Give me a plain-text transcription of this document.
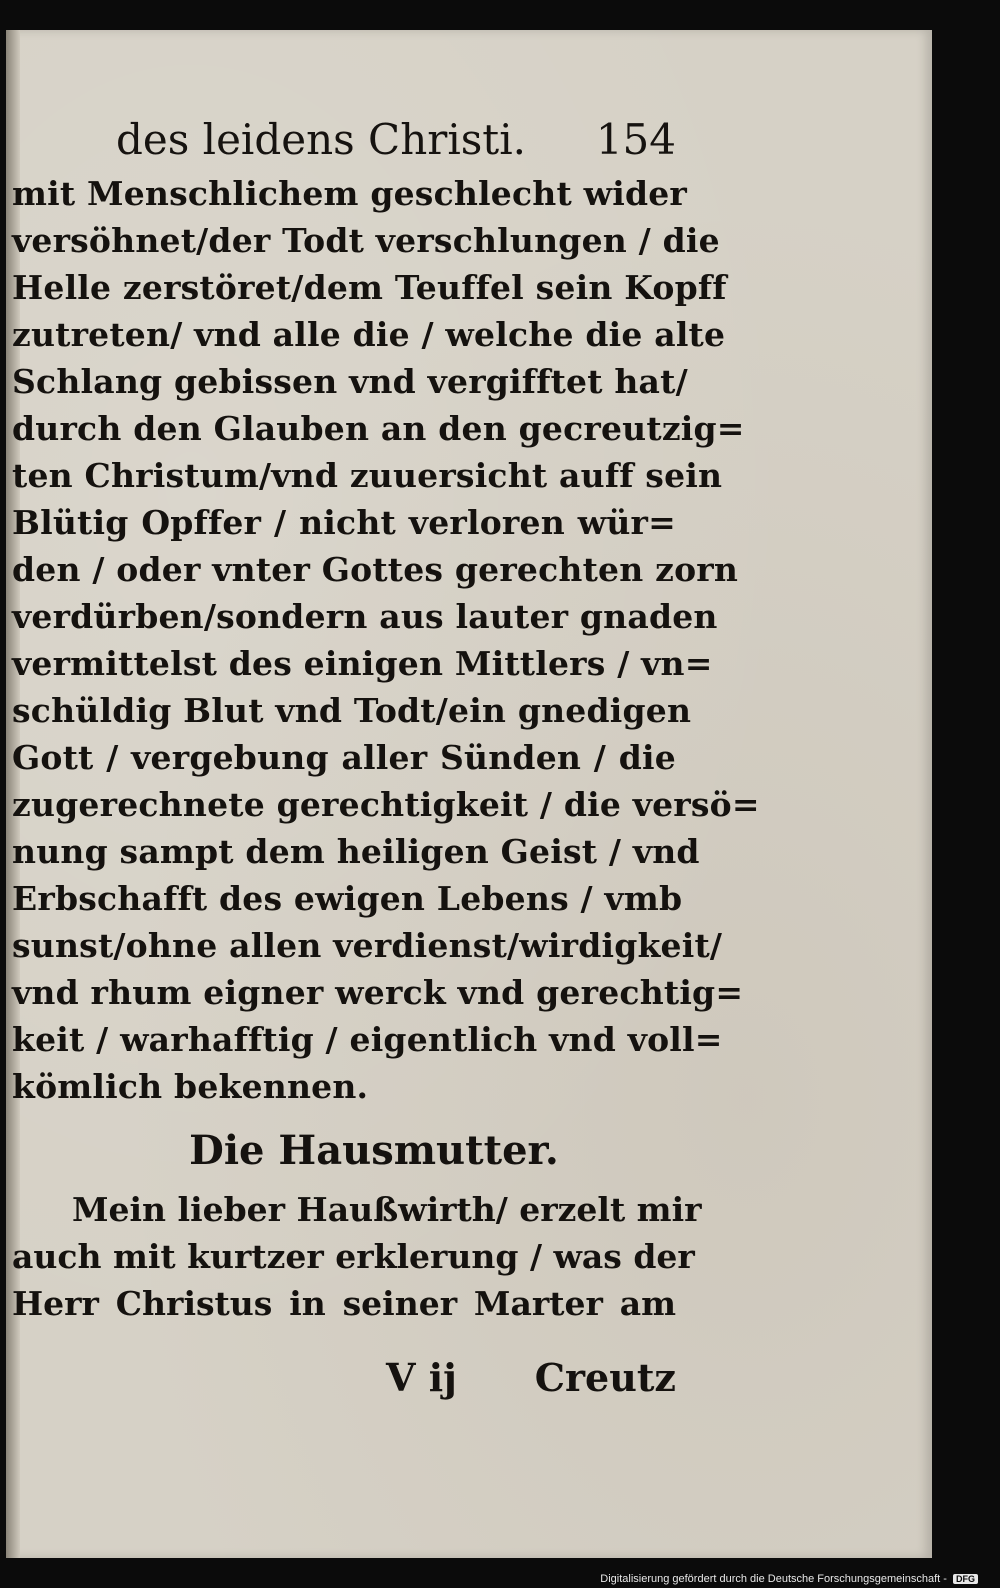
des leidens Christi. 154
mit Menschlichem geschlecht wider
versöhnet/der Todt verschlungen / die
Helle zerstöret/dem Teuffel sein Kopff
zutreten/ vnd alle die / welche die alte
Schlang gebissen vnd vergifftet hat/
durch den Glauben an den gecreutzig=
ten Christum/vnd zuuersicht auff sein
Blütig Opffer / nicht verloren wür=
den / oder vnter Gottes gerechten zorn
verdürben/sondern aus lauter gnaden
vermittelst des einigen Mittlers / vn=
schüldig Blut vnd Todt/ein gnedigen
Gott / vergebung aller Sünden / die
zugerechnete gerechtigkeit / die versö=
nung sampt dem heiligen Geist / vnd
Erbschafft des ewigen Lebens / vmb
sunst/ohne allen verdienst/wirdigkeit/
vnd rhum eigner werck vnd gerechtig=
keit / warhafftig / eigentlich vnd voll=
kömlich bekennen.
Die Hausmutter.
Mein lieber Haußwirth/ erzelt mir
auch mit kurtzer erklerung / was der
Herr Christus in seiner Marter am
V ij Creutz
Digitalisierung gefördert durch die Deutsche Forschungsgemeinschaft - DFG
